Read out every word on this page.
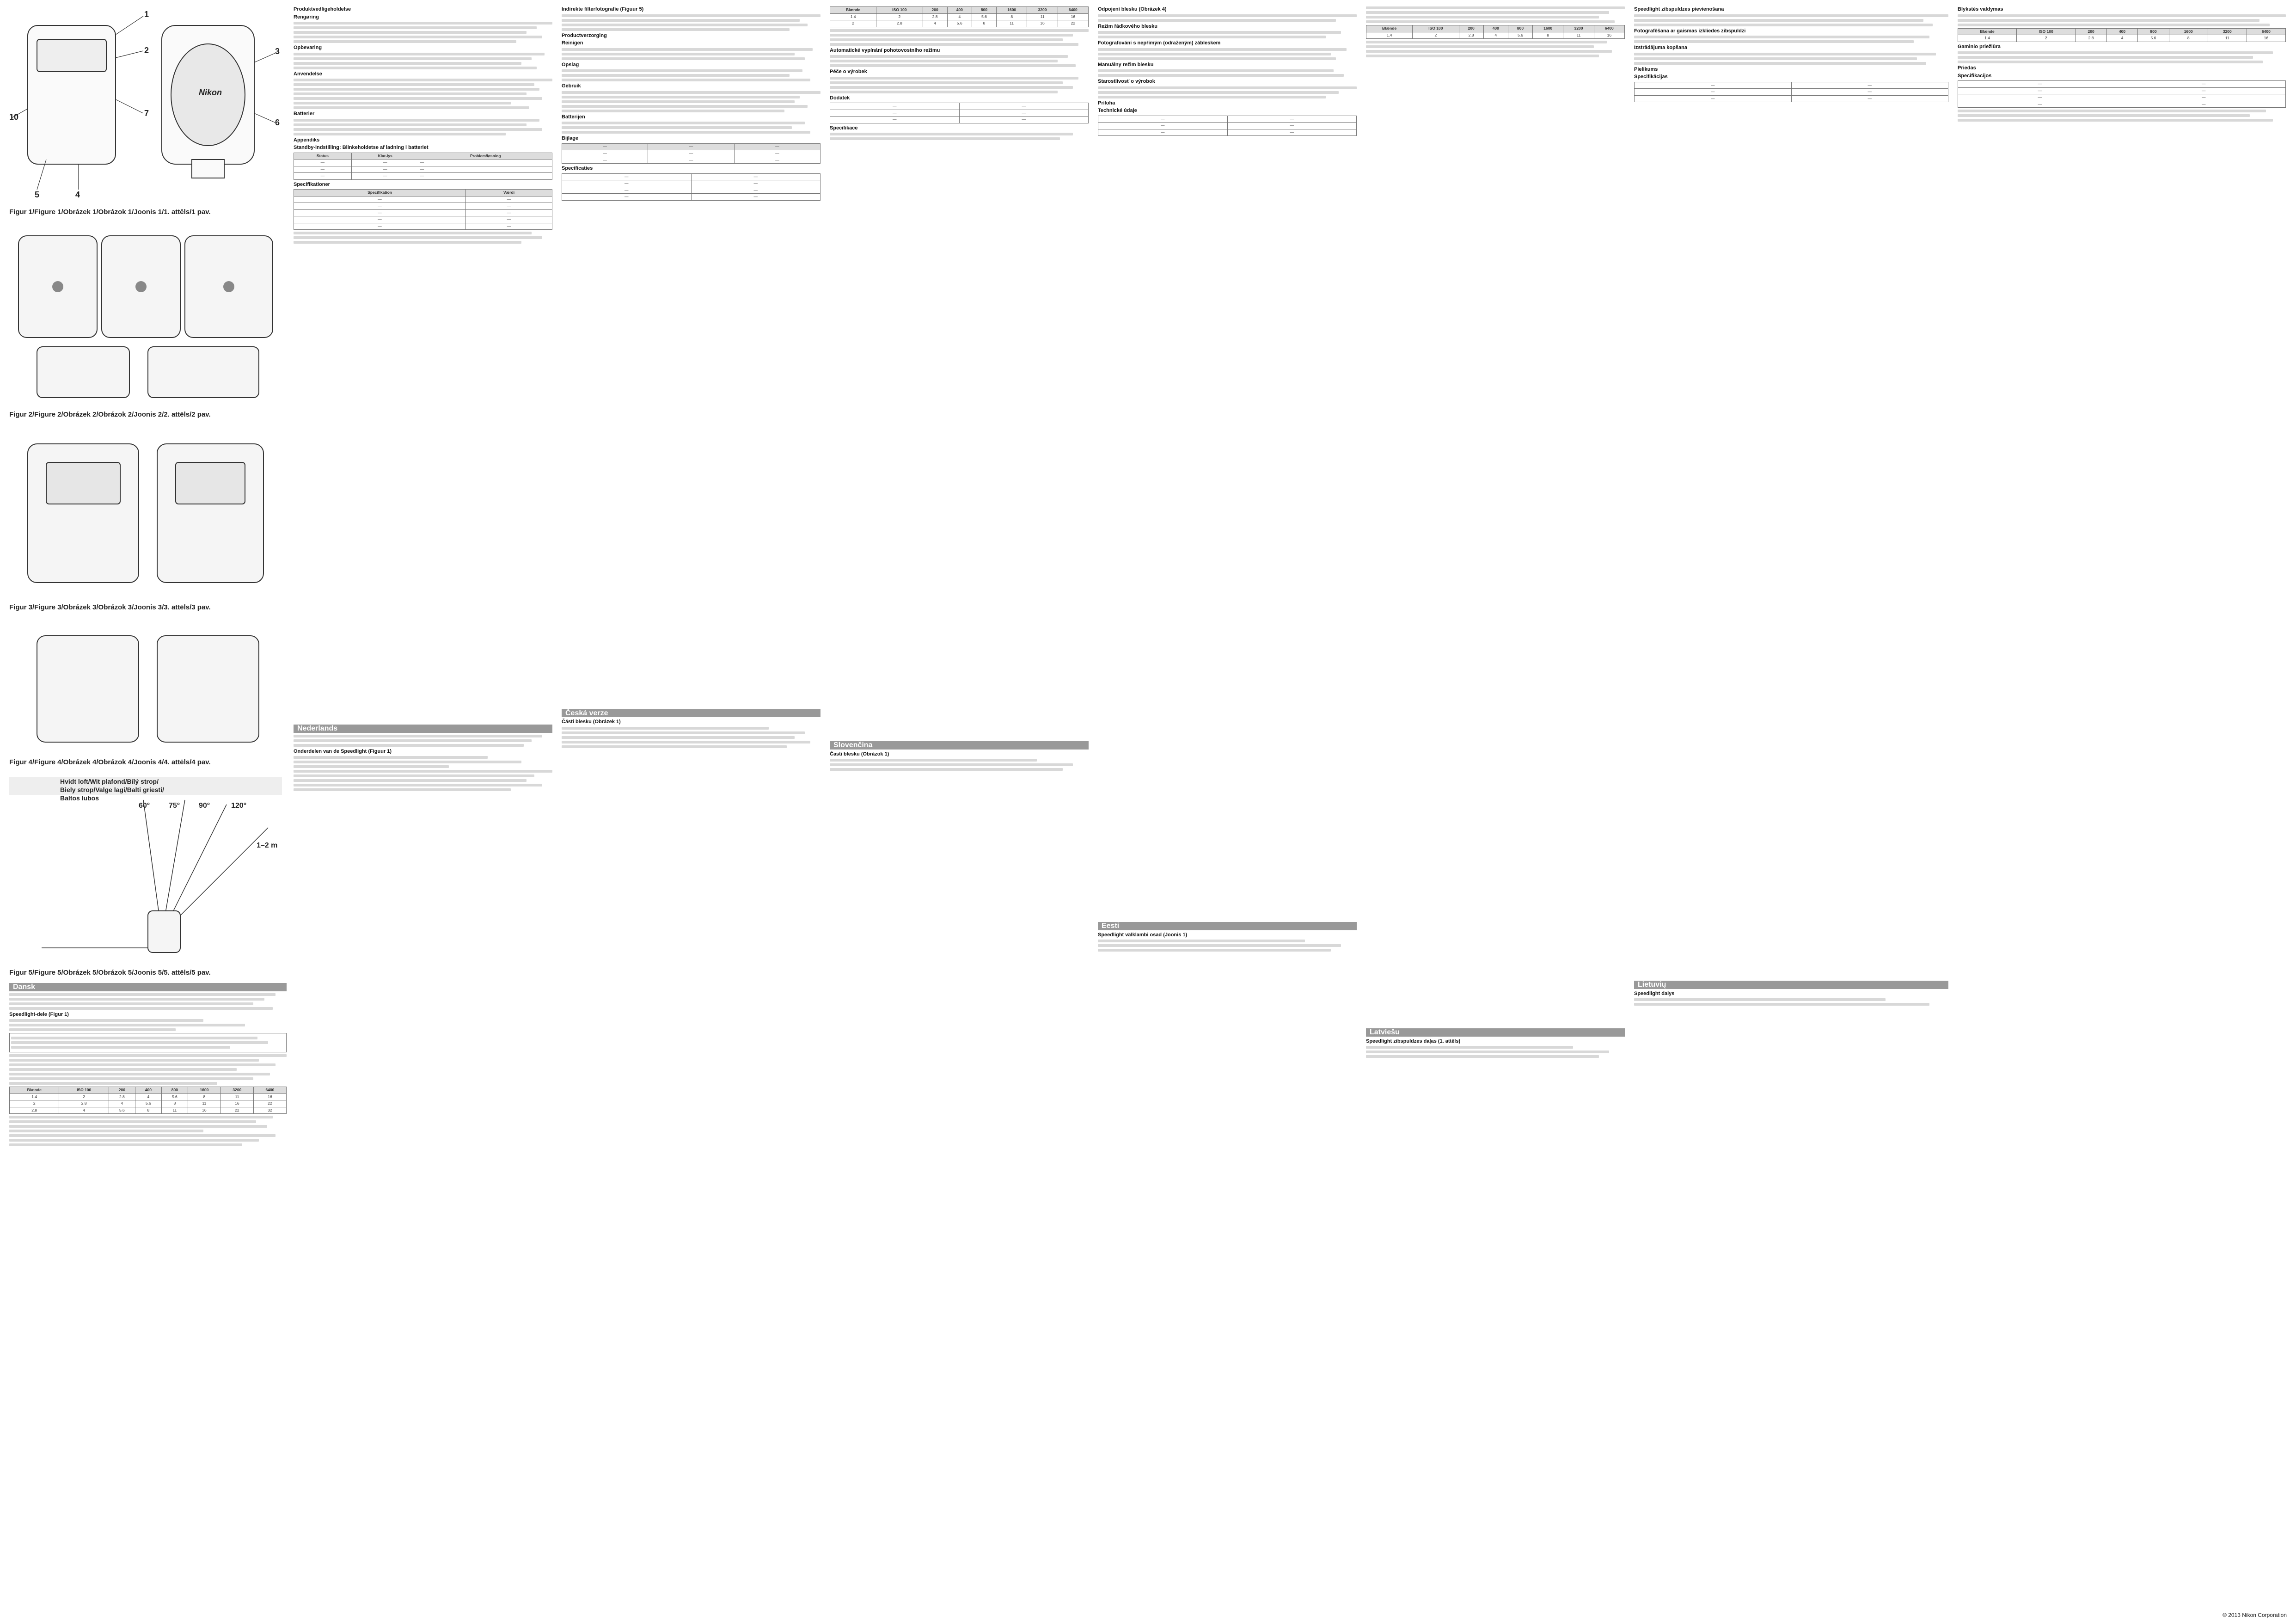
1
2	3
4
5
6
7
10
Nikon
Figur 1/Figure 1/Obrázek 1/Obrázok 1/Joonis 1/1. attēls/1 pav.
Figur 2/Figure 2/Obrázek 2/Obrázok 2/Joonis 2/2. attēls/2 pav.
Figur 3/Figure 3/Obrázek 3/Obrázok 3/Joonis 3/3. attēls/3 pav.
Figur 4/Figure 4/Obrázek 4/Obrázok 4/Joonis 4/4. attēls/4 pav.
Hvidt loft/Wit plafond/Bílý strop/
Biely strop/Valge lagi/Balti griesti/
Baltos lubos
60°	75°	90°	120°
1–2 m
Figur 5/Figure 5/Obrázek 5/Obrázok 5/Joonis 5/5. attēls/5 pav.
Dansk
Speedlight-dele (Figur 1)
Blænde	ISO 100	200	400	800	1600	3200	6400
1.4	2	2.8	4	5.6	8	11	16
2	2.8	4	5.6	8	11	16	22
2.8	4	5.6	8	11	16	22	32
Produktvedligeholdelse
Rengøring
Opbevaring
Anvendelse
Batterier
Appendiks
Standby-indstilling: Blinkeholdetse af ladning i batteriet
Status	Klar-lys	Problem/løsning
—	—	—
—	—	—
—	—	—
Specifikationer
Specifikation	Værdi
—	—
—	—
—	—
—	—
—	—
Nederlands
Onderdelen van de Speedlight (Figuur 1)
Indirekte filterfotografie (Figuur 5)
Productverzorging
Reinigen
Opslag
Gebruik
Batterijen
Bijlage
—	—	—
—	—	—
—	—	—
Specificaties
—	—
—	—
—	—
—	—
Česká verze
Části blesku (Obrázek 1)
Blænde	ISO 100	200	400	800	1600	3200	6400
1.4	2	2.8	4	5.6	8	11	16
2	2.8	4	5.6	8	11	16	22
Automatické vypínání pohotovostního režimu
Péče o výrobek
Dodatek
—	—
—	—
—	—
Specifikace
Slovenčina
Časti blesku (Obrázok 1)
Odpojení blesku (Obrázek 4)
Režim řádkového blesku
Fotografování s nepřímým (odraženým) zábleskem
Manuálny režim blesku
Starostlivosť o výrobok
Príloha
Technické údaje
—	—
—	—
—	—
Eesti
Speedlight välklambi osad (Joonis 1)
Blænde	ISO 100	200	400	800	1600	3200	6400
1.4	2	2.8	4	5.6	8	11	16
Latviešu
Speedlight zibspuldzes daļas (1. attēls)
Speedlight zibspuldzes pievienošana
Fotografēšana ar gaismas izkliedes zibspuldzi
Izstrādājuma kopšana
Pielikums
Specifikācijas
—	—
—	—
—	—
Lietuvių
Speedlight dalys
Blykstės valdymas
Blænde	ISO 100	200	400	800	1600	3200	6400
1.4	2	2.8	4	5.6	8	11	16
Gaminio priežiūra
Priedas
Specifikacijos
—	—
—	—
—	—
—	—
© 2013 Nikon Corporation
